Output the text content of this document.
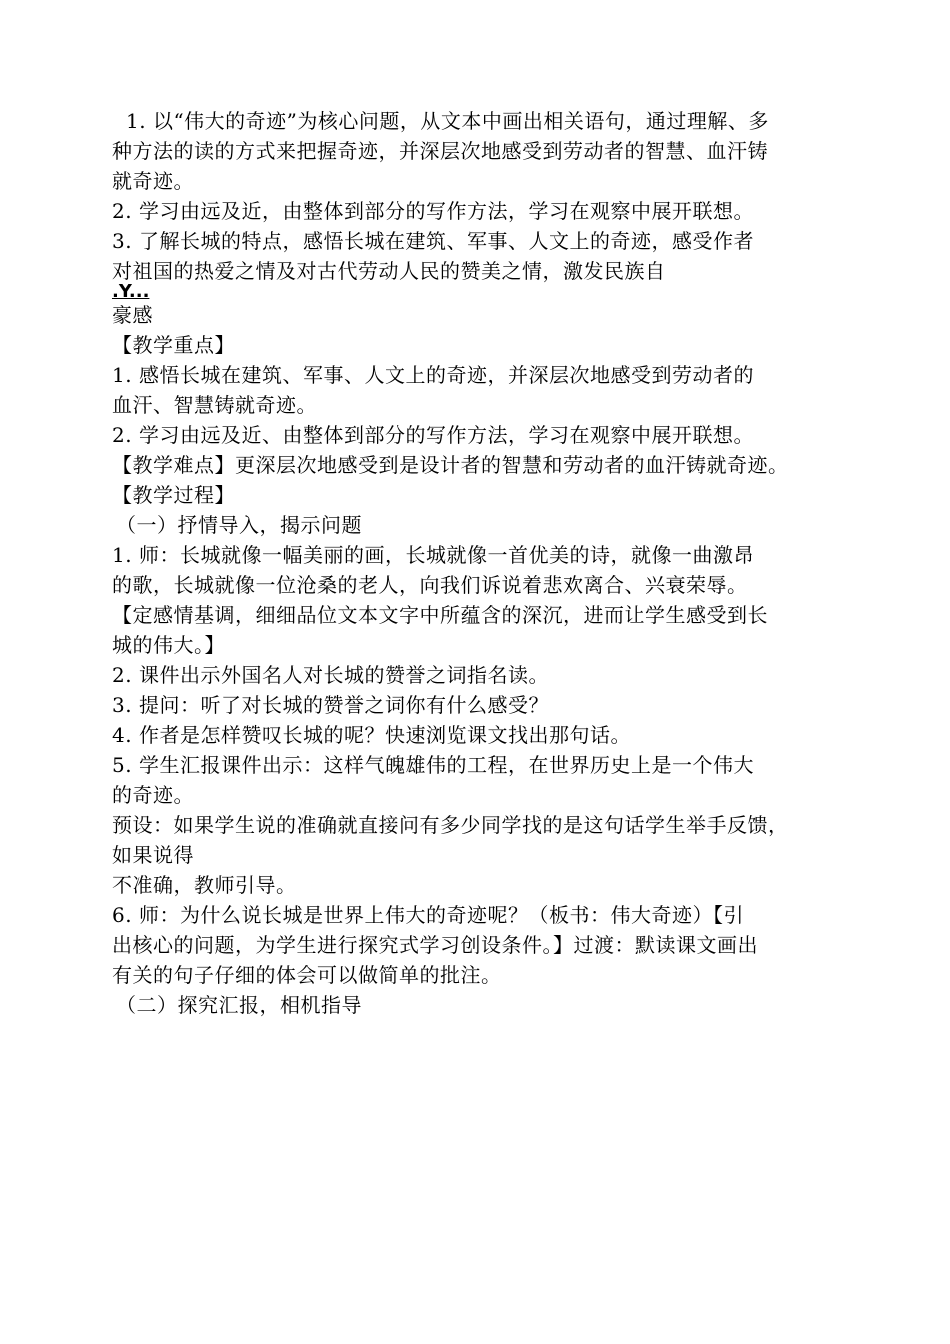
1. 以“伟大的奇迹”为核心问题，从文本中画出相关语句，通过理解、多
种方法的读的方式来把握奇迹，并深层次地感受到劳动者的智慧、血汗铸
就奇迹。
2. 学习由远及近，由整体到部分的写作方法，学习在观察中展开联想。
3. 了解长城的特点，感悟长城在建筑、军事、人文上的奇迹，感受作者
对祖国的热爱之情及对古代劳动人民的赞美之情，激发民族自
.Y...
豪感
【教学重点】
1. 感悟长城在建筑、军事、人文上的奇迹，并深层次地感受到劳动者的
血汗、智慧铸就奇迹。
2. 学习由远及近、由整体到部分的写作方法，学习在观察中展开联想。
【教学难点】更深层次地感受到是设计者的智慧和劳动者的血汗铸就奇迹。
【教学过程】
（一）抒情导入，揭示问题
1. 师：长城就像一幅美丽的画，长城就像一首优美的诗，就像一曲激昂
的歌，长城就像一位沧桑的老人，向我们诉说着悲欢离合、兴衰荣辱。
【定感情基调，细细品位文本文字中所蕴含的深沉，进而让学生感受到长
城的伟大。】
2. 课件出示外国名人对长城的赞誉之词指名读。
3. 提问：听了对长城的赞誉之词你有什么感受？
4. 作者是怎样赞叹长城的呢？快速浏览课文找出那句话。
5. 学生汇报课件出示：这样气魄雄伟的工程，在世界历史上是一个伟大
的奇迹。
预设：如果学生说的准确就直接问有多少同学找的是这句话学生举手反馈，
如果说得
不准确，教师引导。
6. 师：为什么说长城是世界上伟大的奇迹呢？（板书：伟大奇迹）【引
出核心的问题，为学生进行探究式学习创设条件。】过渡：默读课文画出
有关的句子仔细的体会可以做简单的批注。
（二）探究汇报，相机指导
